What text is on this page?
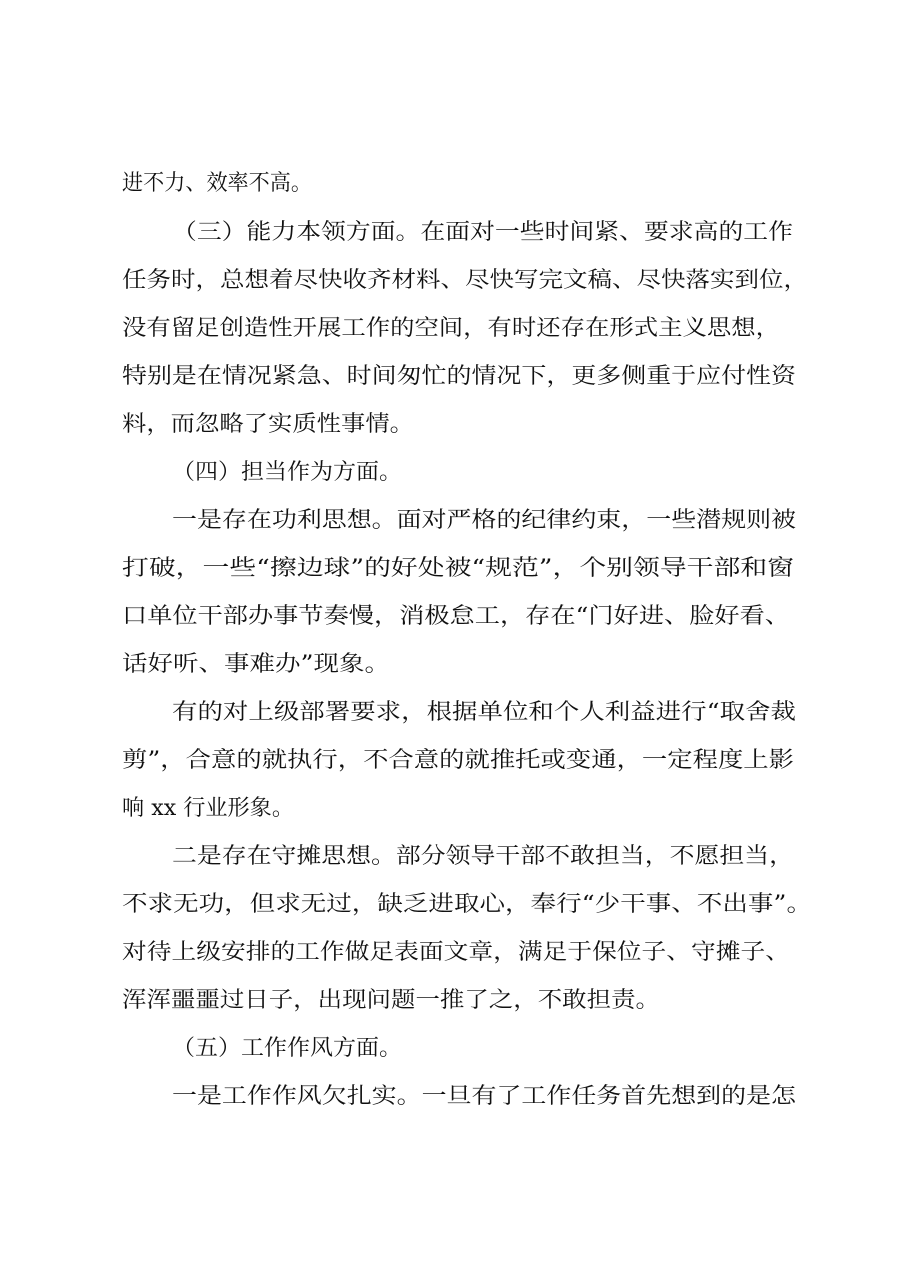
进不力、效率不高。
（三）能力本领方面。在面对一些时间紧、要求高的工作
任务时，总想着尽快收齐材料、尽快写完文稿、尽快落实到位，
没有留足创造性开展工作的空间，有时还存在形式主义思想，
特别是在情况紧急、时间匆忙的情况下，更多侧重于应付性资
料，而忽略了实质性事情。
（四）担当作为方面。
一是存在功利思想。面对严格的纪律约束，一些潜规则被
打破，一些“擦边球”的好处被“规范”，个别领导干部和窗
口单位干部办事节奏慢，消极怠工，存在“门好进、脸好看、
话好听、事难办”现象。
有的对上级部署要求，根据单位和个人利益进行“取舍裁
剪”，合意的就执行，不合意的就推托或变通，一定程度上影
响 xx 行业形象。
二是存在守摊思想。部分领导干部不敢担当，不愿担当，
不求无功，但求无过，缺乏进取心，奉行“少干事、不出事”。
对待上级安排的工作做足表面文章，满足于保位子、守摊子、
浑浑噩噩过日子，出现问题一推了之，不敢担责。
（五）工作作风方面。
一是工作作风欠扎实。一旦有了工作任务首先想到的是怎
